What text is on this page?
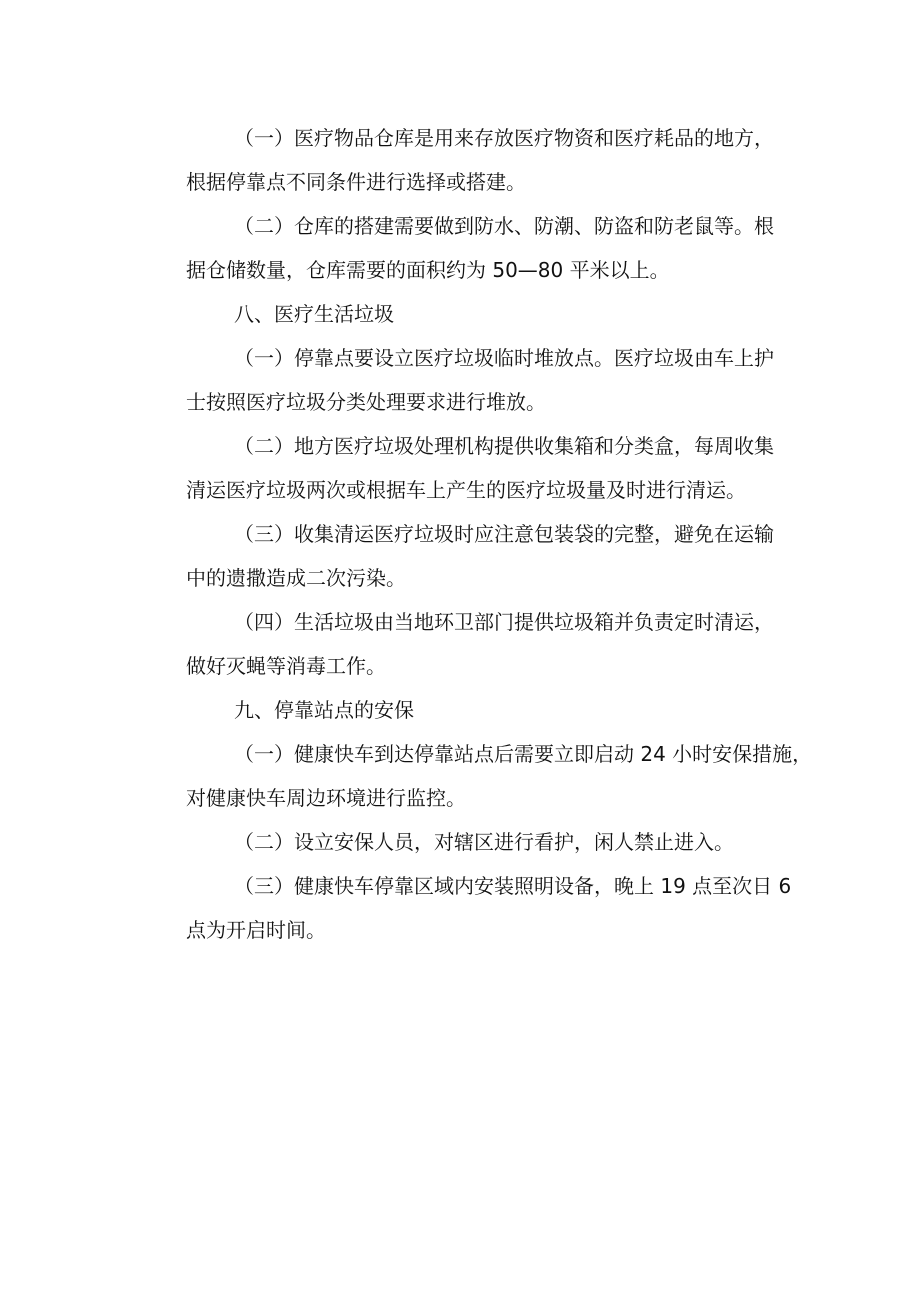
（一）医疗物品仓库是用来存放医疗物资和医疗耗品的地方，
根据停靠点不同条件进行选择或搭建。

（二）仓库的搭建需要做到防水、防潮、防盗和防老鼠等。根
据仓储数量，仓库需要的面积约为 50—80 平米以上。

八、医疗生活垃圾

（一）停靠点要设立医疗垃圾临时堆放点。医疗垃圾由车上护
士按照医疗垃圾分类处理要求进行堆放。

（二）地方医疗垃圾处理机构提供收集箱和分类盒，每周收集
清运医疗垃圾两次或根据车上产生的医疗垃圾量及时进行清运。

（三）收集清运医疗垃圾时应注意包装袋的完整，避免在运输
中的遗撒造成二次污染。

（四）生活垃圾由当地环卫部门提供垃圾箱并负责定时清运，
做好灭蝇等消毒工作。

九、停靠站点的安保

（一）健康快车到达停靠站点后需要立即启动 24 小时安保措施，
对健康快车周边环境进行监控。

（二）设立安保人员，对辖区进行看护，闲人禁止进入。

（三）健康快车停靠区域内安装照明设备，晚上 19 点至次日 6
点为开启时间。
